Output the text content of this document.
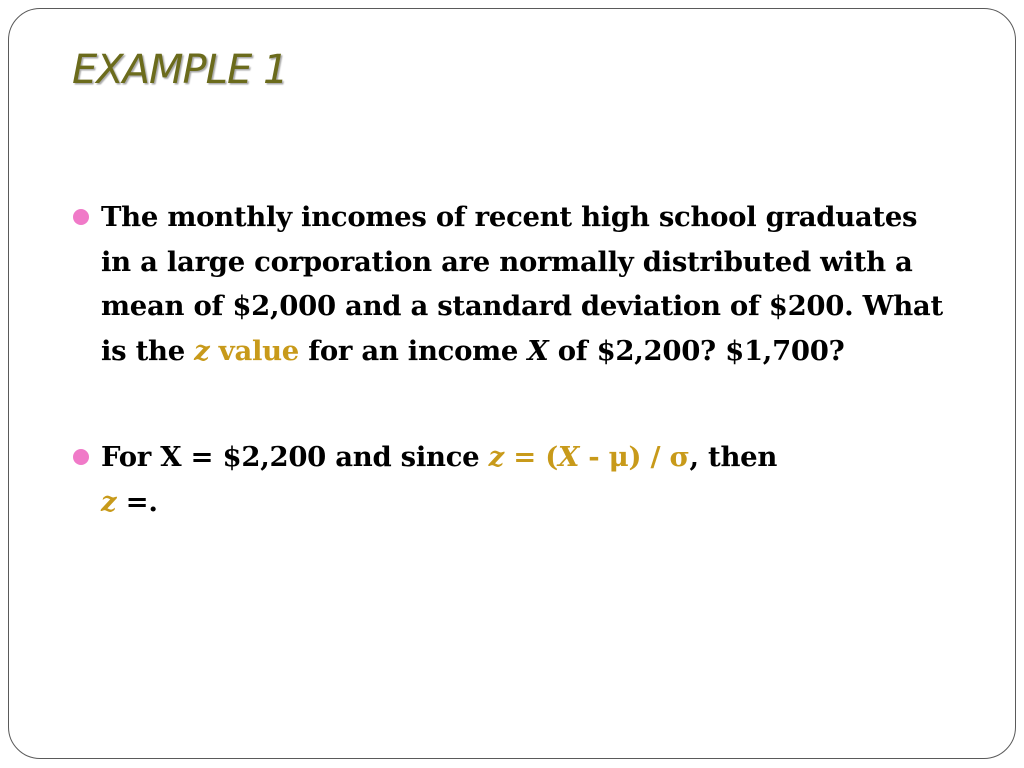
EXAMPLE 1
The monthly incomes of recent high school graduates
in a large corporation are normally distributed with a
mean of $2,000 and a standard deviation of $200. What
is the z value for an income X of $2,200? $1,700?
For X = $2,200 and since z = (X - μ) / σ, then
z =.
